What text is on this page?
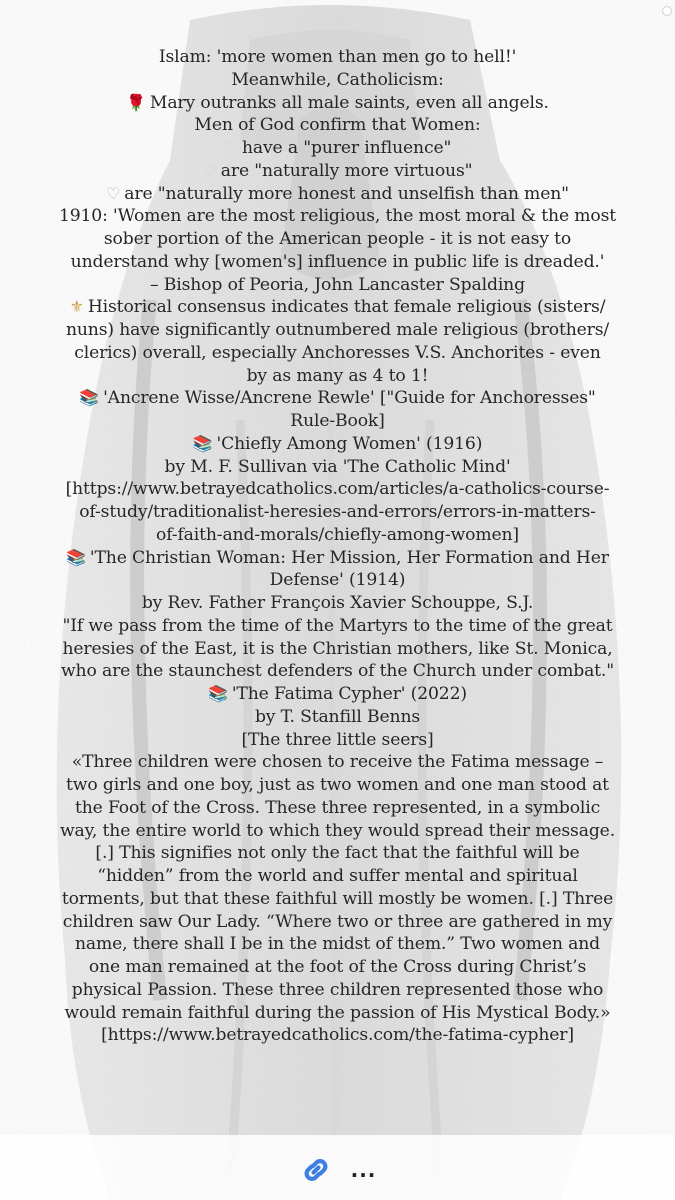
Islam: 'more women than men go to hell!'
Meanwhile, Catholicism:
🌹 Mary outranks all male saints, even all angels.
Men of God confirm that Women:
♡ have a "purer influence"
♡ are "naturally more virtuous"
♡ are "naturally more honest and unselfish than men"
1910: 'Women are the most religious, the most moral & the most
sober portion of the American people - it is not easy to
understand why [women's] influence in public life is dreaded.'
– Bishop of Peoria, John Lancaster Spalding
⚜ Historical consensus indicates that female religious (sisters/
nuns) have significantly outnumbered male religious (brothers/
clerics) overall, especially Anchoresses V.S. Anchorites - even
by as many as 4 to 1!
📚 'Ancrene Wisse/Ancrene Rewle' ["Guide for Anchoresses"
Rule-Book]
📚 'Chiefly Among Women' (1916)
by M. F. Sullivan via 'The Catholic Mind'
[https://www.betrayedcatholics.com/articles/a-catholics-course-
of-study/traditionalist-heresies-and-errors/errors-in-matters-
of-faith-and-morals/chiefly-among-women]
📚 'The Christian Woman: Her Mission, Her Formation and Her
Defense' (1914)
by Rev. Father François Xavier Schouppe, S.J.
"If we pass from the time of the Martyrs to the time of the great
heresies of the East, it is the Christian mothers, like St. Monica,
who are the staunchest defenders of the Church under combat."
📚 'The Fatima Cypher' (2022)
by T. Stanfill Benns
[The three little seers]
«Three children were chosen to receive the Fatima message –
two girls and one boy, just as two women and one man stood at
the Foot of the Cross. These three represented, in a symbolic
way, the entire world to which they would spread their message.
[.] This signifies not only the fact that the faithful will be
“hidden” from the world and suffer mental and spiritual
torments, but that these faithful will mostly be women. [.] Three
children saw Our Lady. “Where two or three are gathered in my
name, there shall I be in the midst of them.” Two women and
one man remained at the foot of the Cross during Christ’s
physical Passion. These three children represented those who
would remain faithful during the passion of His Mystical Body.»
[https://www.betrayedcatholics.com/the-fatima-cypher]
...
